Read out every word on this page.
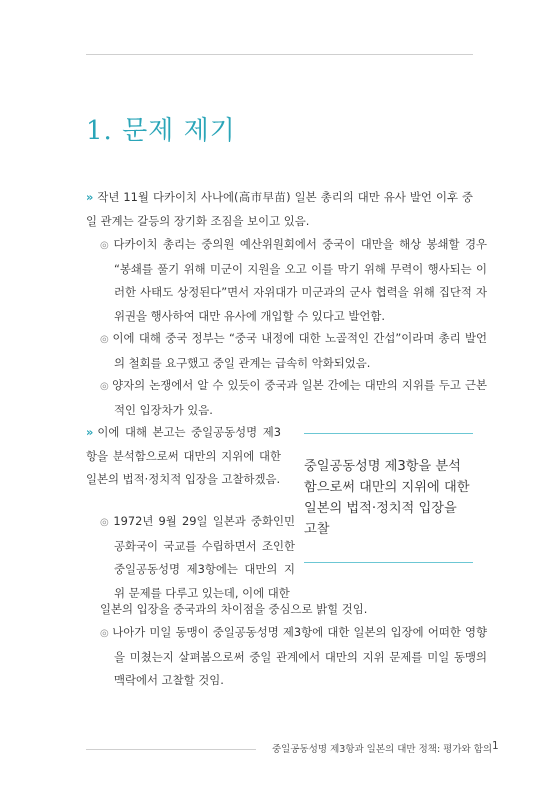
1. 문제 제기

» 작년 11월 다카이치 사나에(高市早苗) 일본 총리의 대만 유사 발언 이후 중일 관계는 갈등의 장기화 조짐을 보이고 있음.

◎ 다카이치 총리는 중의원 예산위원회에서 중국이 대만을 해상 봉쇄할 경우 “봉쇄를 풀기 위해 미군이 지원을 오고 이를 막기 위해 무력이 행사되는 이러한 사태도 상정된다”면서 자위대가 미군과의 군사 협력을 위해 집단적 자위권을 행사하여 대만 유사에 개입할 수 있다고 발언함.

◎ 이에 대해 중국 정부는 “중국 내정에 대한 노골적인 간섭”이라며 총리 발언의 철회를 요구했고 중일 관계는 급속히 악화되었음.

◎ 양자의 논쟁에서 알 수 있듯이 중국과 일본 간에는 대만의 지위를 두고 근본적인 입장차가 있음.

» 이에 대해 본고는 중일공동성명 제3항을 분석함으로써 대만의 지위에 대한 일본의 법적·정치적 입장을 고찰하겠음.

◎ 1972년 9월 29일 일본과 중화인민공화국이 국교를 수립하면서 조인한 중일공동성명 제3항에는 대만의 지위 문제를 다루고 있는데, 이에 대한

일본의 입장을 중국과의 차이점을 중심으로 밝힐 것임.

◎ 나아가 미일 동맹이 중일공동성명 제3항에 대한 일본의 입장에 어떠한 영향을 미쳤는지 살펴봄으로써 중일 관계에서 대만의 지위 문제를 미일 동맹의 맥락에서 고찰할 것임.

중일공동성명 제3항을 분석함으로써 대만의 지위에 대한 일본의 법적·정치적 입장을 고찰

중일공동성명 제3항과 일본의 대만 정책: 평가와 함의 1
